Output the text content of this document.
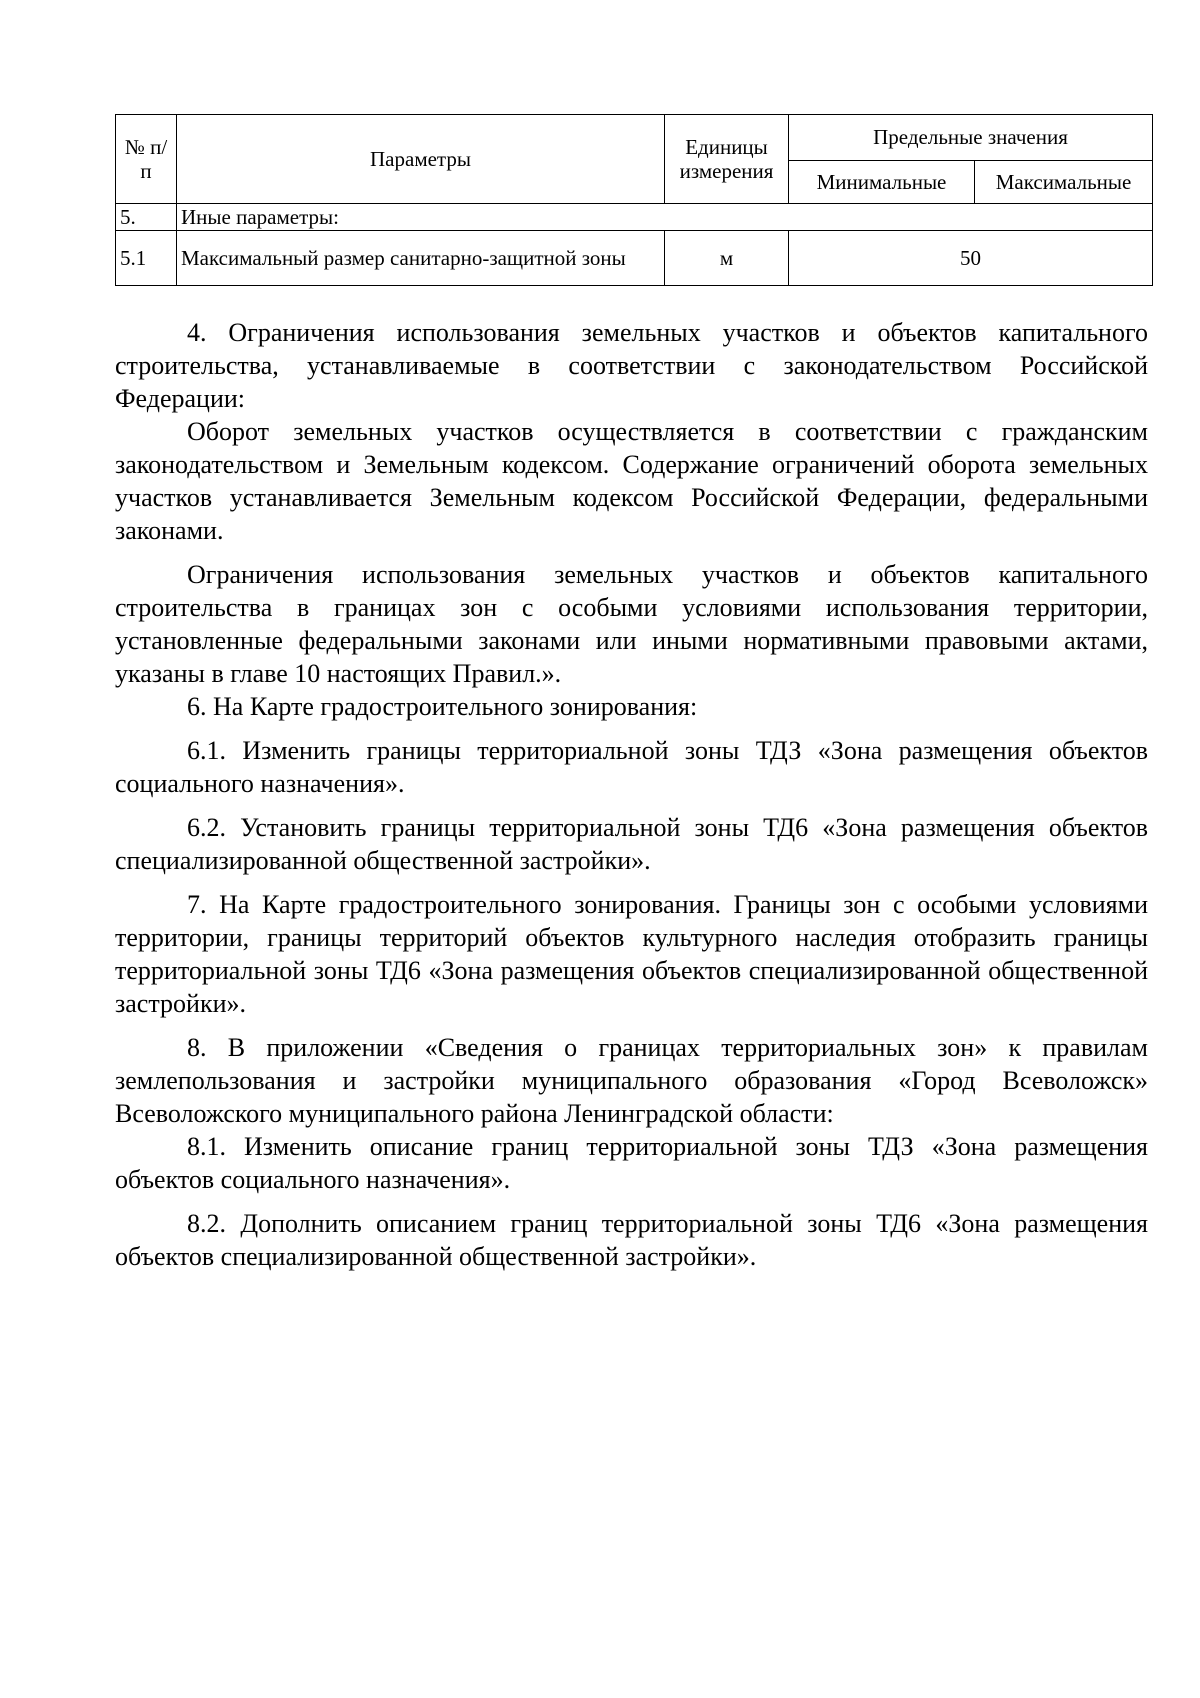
№ п/п	Параметры	Единицы измерения	Предельные значения	
			Минимальные	Максимальные
5.	Иные параметры:			
5.1	Максимальный размер санитарно-защитной зоны	м	50	

4. Ограничения использования земельных участков и объектов капитального строительства, устанавливаемые в соответствии с законодательством Российской Федерации:

Оборот земельных участков осуществляется в соответствии с гражданским законодательством и Земельным кодексом. Содержание ограничений оборота земельных участков устанавливается Земельным кодексом Российской Федерации, федеральными законами.

Ограничения использования земельных участков и объектов капитального строительства в границах зон с особыми условиями использования территории, установленные федеральными законами или иными нормативными правовыми актами, указаны в главе 10 настоящих Правил.».

6. На Карте градостроительного зонирования:

6.1. Изменить границы территориальной зоны ТДЗ «Зона размещения объектов социального назначения».

6.2. Установить границы территориальной зоны ТД6 «Зона размещения объектов специализированной общественной застройки».

7. На Карте градостроительного зонирования. Границы зон с особыми условиями территории, границы территорий объектов культурного наследия отобразить границы территориальной зоны ТД6 «Зона размещения объектов специализированной общественной застройки».

8. В приложении «Сведения о границах территориальных зон» к правилам землепользования и застройки муниципального образования «Город Всеволожск» Всеволожского муниципального района Ленинградской области:

8.1. Изменить описание границ территориальной зоны ТДЗ «Зона размещения объектов социального назначения».

8.2. Дополнить описанием границ территориальной зоны ТД6 «Зона размещения объектов специализированной общественной застройки».
